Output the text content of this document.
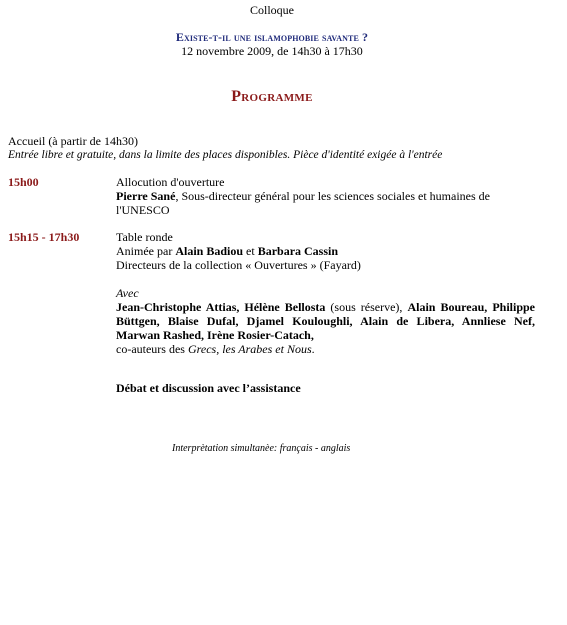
Colloque
Existe-t-il une islamophobie savante ?
12 novembre 2009, de 14h30 à 17h30
Programme
Accueil (à partir de 14h30)
Entrée libre et gratuite, dans la limite des places disponibles. Pièce d'identité exigée à l'entrée
15h00	Allocution d'ouverture
Pierre Sané, Sous-directeur général pour les sciences sociales et humaines de
l'UNESCO
15h15 - 17h30	Table ronde
Animée par Alain Badiou et Barbara Cassin
Directeurs de la collection « Ouvertures » (Fayard)
Avec
Jean-Christophe Attias, Hélène Bellosta (sous réserve), Alain Boureau, Philippe
Büttgen, Blaise Dufal, Djamel Kouloughli, Alain de Libera, Annliese Nef,
Marwan Rashed, Irène Rosier-Catach,
co-auteurs des Grecs, les Arabes et Nous.
Débat et discussion avec l’assistance
Interprètation simultanèe: français - anglais
